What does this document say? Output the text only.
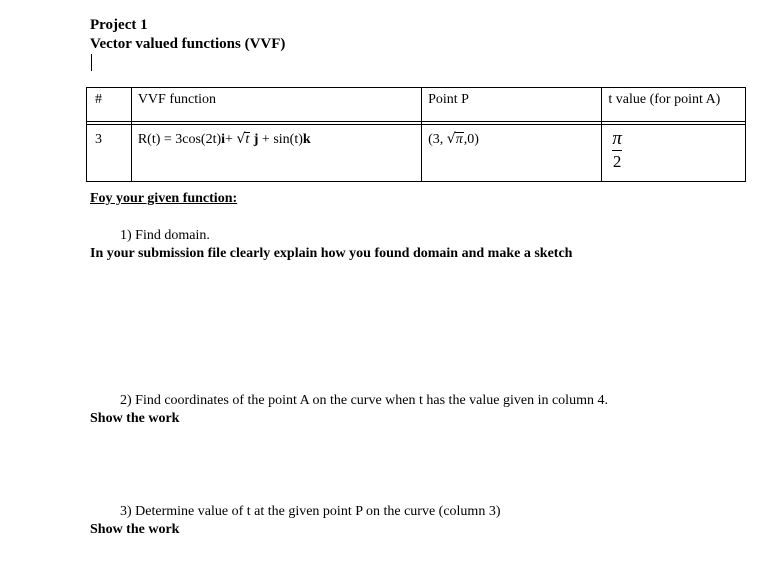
Project 1
Vector valued functions (VVF)
#	VVF function	Point P	t value (for point A)

3	R(t) = 3cos(2t)i+ √t j + sin(t)k	(3, √π,0)	$\frac{\pi}{2}$
Foy your given function:
1) Find domain.
In your submission file clearly explain how you found domain and make a sketch
2) Find coordinates of the point A on the curve when t has the value given in column 4.
Show the work
3) Determine value of t at the given point P on the curve (column 3)
Show the work
